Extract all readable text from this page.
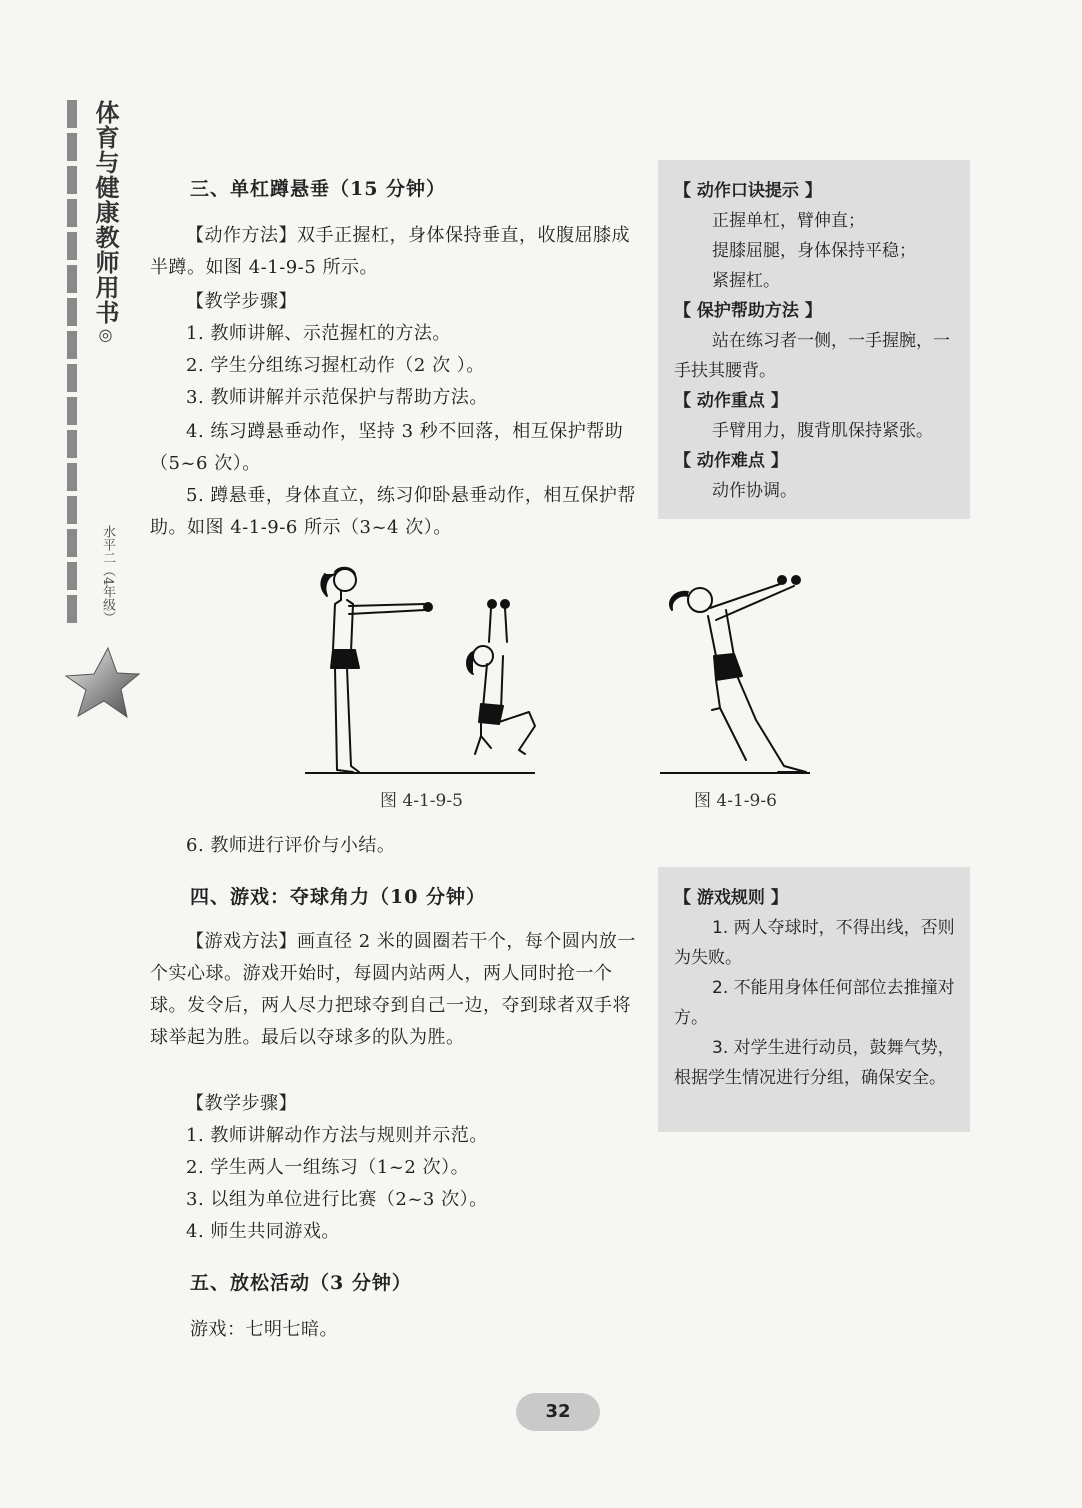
体育与健康教师用书◎
水平二（4年级）
三、单杠蹲悬垂（15 分钟）
【动作方法】双手正握杠，身体保持垂直，收腹屈膝成半蹲。如图 4-1-9-5 所示。
【教学步骤】
1. 教师讲解、示范握杠的方法。
2. 学生分组练习握杠动作（2 次 ）。
3. 教师讲解并示范保护与帮助方法。
4. 练习蹲悬垂动作，坚持 3 秒不回落，相互保护帮助（5~6 次）。
5. 蹲悬垂，身体直立，练习仰卧悬垂动作，相互保护帮助。如图 4-1-9-6 所示（3~4 次）。
【 动作口诀提示 】
正握单杠，臂伸直；
提膝屈腿，身体保持平稳；
紧握杠。
【 保护帮助方法 】
站在练习者一侧，一手握腕，一手扶其腰背。
【 动作重点 】
手臂用力，腹背肌保持紧张。
【 动作难点 】
动作协调。
图 4-1-9-5	图 4-1-9-6
6. 教师进行评价与小结。
四、游戏：夺球角力（10 分钟）
【游戏方法】画直径 2 米的圆圈若干个，每个圆内放一个实心球。游戏开始时，每圆内站两人，两人同时抢一个球。发令后，两人尽力把球夺到自己一边，夺到球者双手将球举起为胜。最后以夺球多的队为胜。
【教学步骤】
1. 教师讲解动作方法与规则并示范。
2. 学生两人一组练习（1~2 次）。
3. 以组为单位进行比赛（2~3 次）。
4. 师生共同游戏。
【 游戏规则 】
1. 两人夺球时，不得出线，否则为失败。
2. 不能用身体任何部位去推撞对方。
3. 对学生进行动员，鼓舞气势，根据学生情况进行分组，确保安全。
五、放松活动（3 分钟）
游戏：七明七暗。
32
